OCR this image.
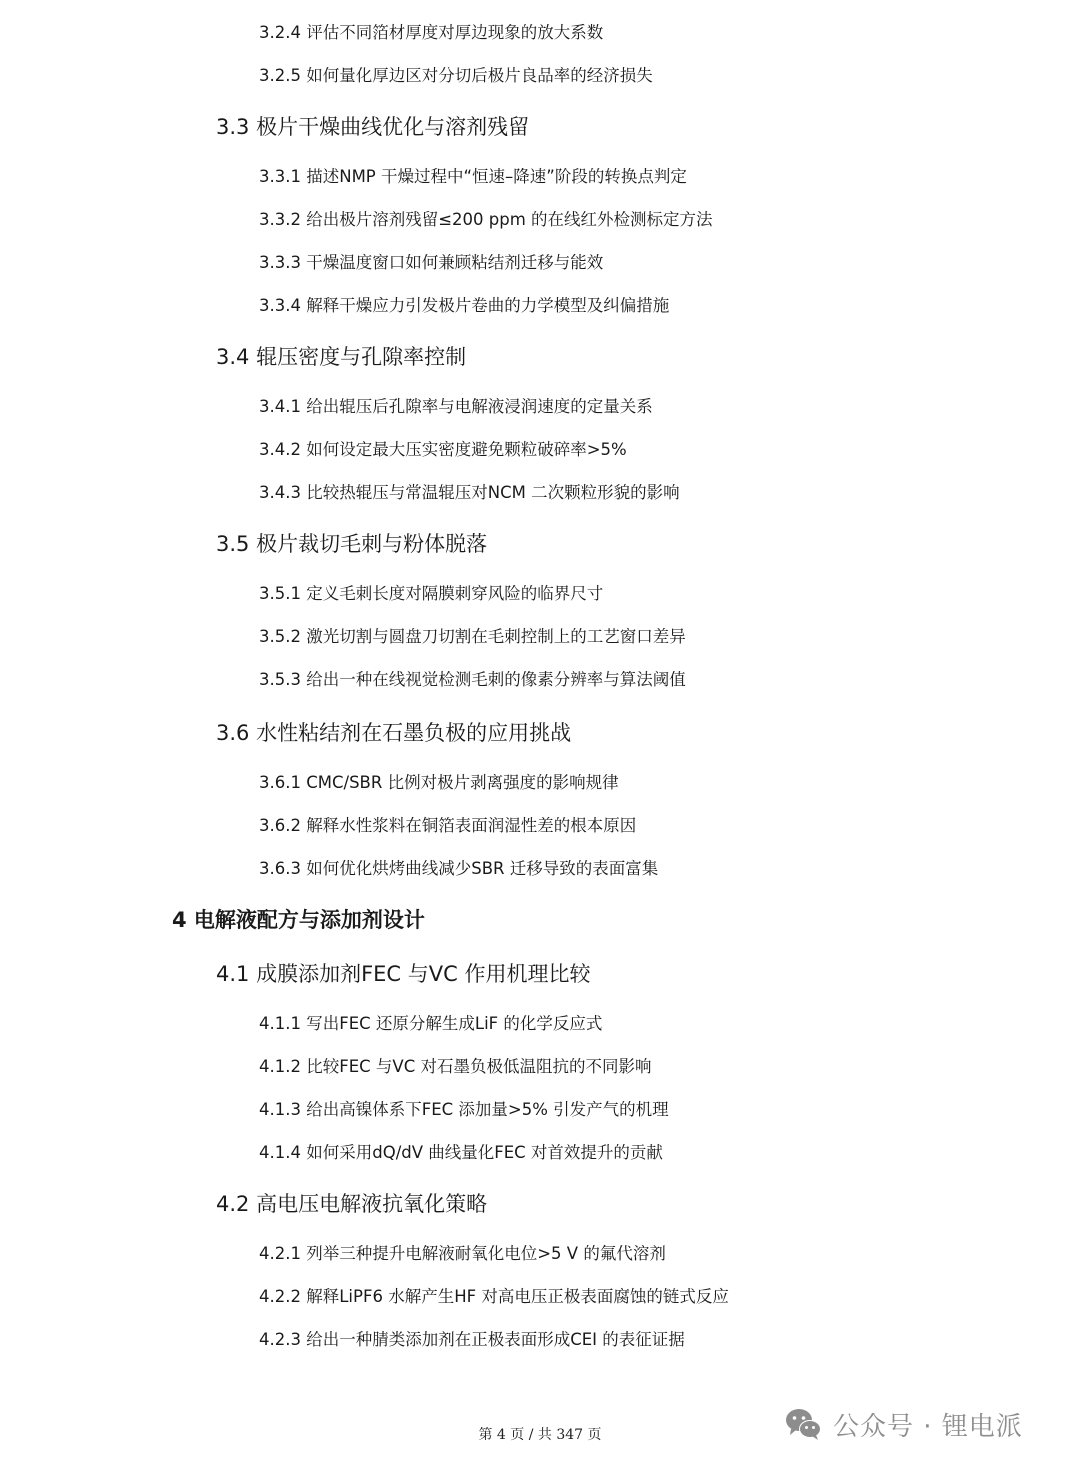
3.2.4 评估不同箔材厚度对厚边现象的放大系数
3.2.5 如何量化厚边区对分切后极片良品率的经济损失
3.3 极片干燥曲线优化与溶剂残留
3.3.1 描述NMP 干燥过程中“恒速–降速”阶段的转换点判定
3.3.2 给出极片溶剂残留≤200 ppm 的在线红外检测标定方法
3.3.3 干燥温度窗口如何兼顾粘结剂迁移与能效
3.3.4 解释干燥应力引发极片卷曲的力学模型及纠偏措施
3.4 辊压密度与孔隙率控制
3.4.1 给出辊压后孔隙率与电解液浸润速度的定量关系
3.4.2 如何设定最大压实密度避免颗粒破碎率>5%
3.4.3 比较热辊压与常温辊压对NCM 二次颗粒形貌的影响
3.5 极片裁切毛刺与粉体脱落
3.5.1 定义毛刺长度对隔膜刺穿风险的临界尺寸
3.5.2 激光切割与圆盘刀切割在毛刺控制上的工艺窗口差异
3.5.3 给出一种在线视觉检测毛刺的像素分辨率与算法阈值
3.6 水性粘结剂在石墨负极的应用挑战
3.6.1 CMC/SBR 比例对极片剥离强度的影响规律
3.6.2 解释水性浆料在铜箔表面润湿性差的根本原因
3.6.3 如何优化烘烤曲线减少SBR 迁移导致的表面富集
4 电解液配方与添加剂设计
4.1 成膜添加剂FEC 与VC 作用机理比较
4.1.1 写出FEC 还原分解生成LiF 的化学反应式
4.1.2 比较FEC 与VC 对石墨负极低温阻抗的不同影响
4.1.3 给出高镍体系下FEC 添加量>5% 引发产气的机理
4.1.4 如何采用dQ/dV 曲线量化FEC 对首效提升的贡献
4.2 高电压电解液抗氧化策略
4.2.1 列举三种提升电解液耐氧化电位>5 V 的氟代溶剂
4.2.2 解释LiPF6 水解产生HF 对高电压正极表面腐蚀的链式反应
4.2.3 给出一种腈类添加剂在正极表面形成CEI 的表征证据
第 4 页 / 共 347 页	公众号 · 锂电派
